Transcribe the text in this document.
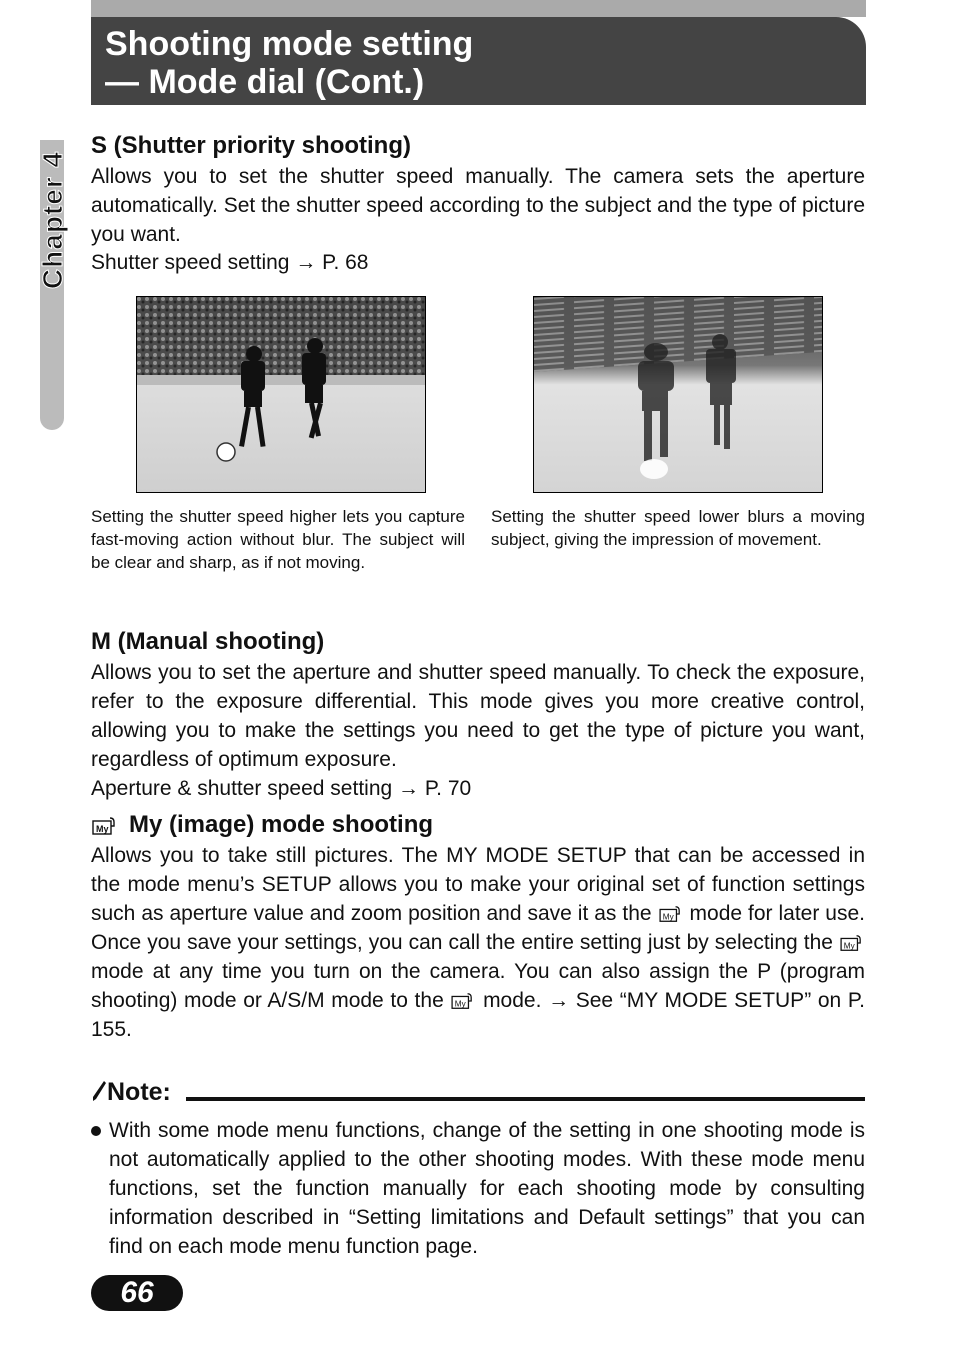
Shooting mode setting
— Mode dial (Cont.)
Chapter 4
S (Shutter priority shooting)

Allows you to set the shutter speed manually. The camera sets the aperture automatically. Set the shutter speed according to the subject and the type of picture you want.

Shutter speed setting → P. 68

Setting the shutter speed higher lets you capture fast-moving action without blur. The subject will be clear and sharp, as if not moving.

Setting the shutter speed lower blurs a moving subject, giving the impression of movement.

M (Manual shooting)

Allows you to set the aperture and shutter speed manually. To check the exposure, refer to the exposure differential. This mode gives you more creative control, allowing you to make the settings you need to get the type of picture you want, regardless of optimum exposure.

Aperture & shutter speed setting → P. 70
My My (image) mode shooting

Allows you to take still pictures. The MY MODE SETUP that can be accessed in the mode menu’s SETUP allows you to make your original set of function settings such as aperture value and zoom position and save it as the My mode for later use. Once you save your settings, you can call the entire setting just by selecting the My
mode at any time you turn on the camera. You can also assign the P (program shooting) mode or A/S/M mode to the My mode. → See “MY MODE SETUP” on P. 155.

Note:

With some mode menu functions, change of the setting in one shooting mode is not automatically applied to the other shooting modes. With these mode menu functions, set the function manually for each shooting mode by consulting information described in “Setting limitations and Default settings” that you can find on each mode menu function page.

66
